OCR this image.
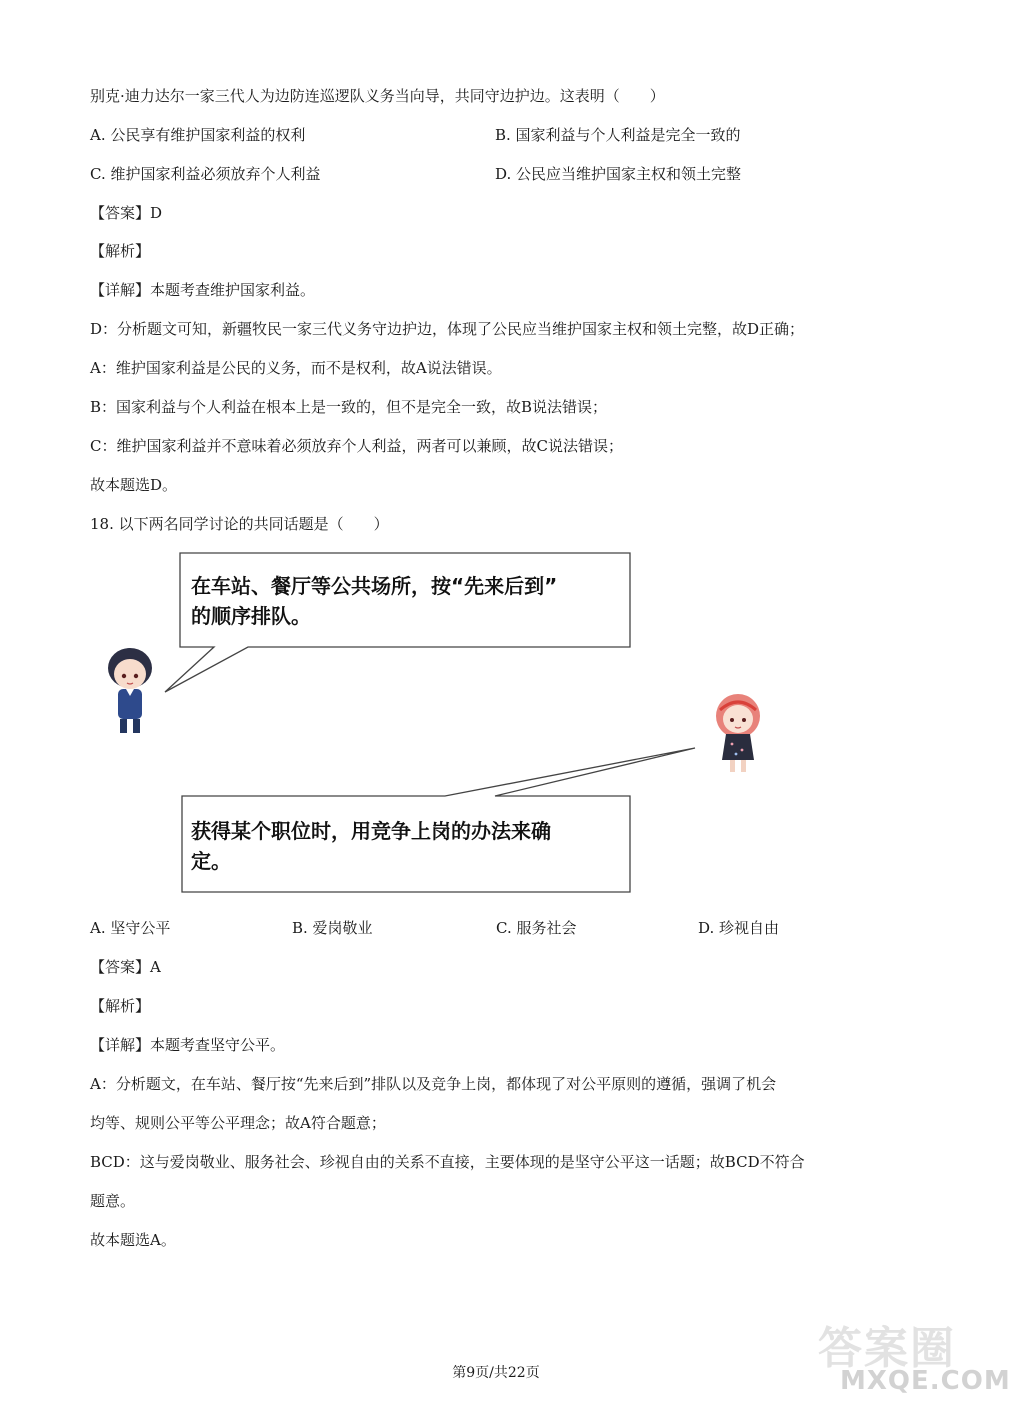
别克·迪力达尔一家三代人为边防连巡逻队义务当向导，共同守边护边。这表明（　　）
A. 公民享有维护国家利益的权利	B. 国家利益与个人利益是完全一致的
C. 维护国家利益必须放弃个人利益	D. 公民应当维护国家主权和领土完整
【答案】D
【解析】
【详解】本题考查维护国家利益。
D：分析题文可知，新疆牧民一家三代义务守边护边，体现了公民应当维护国家主权和领土完整，故D正确；
A：维护国家利益是公民的义务，而不是权利，故A说法错误。
B：国家利益与个人利益在根本上是一致的，但不是完全一致，故B说法错误；
C：维护国家利益并不意味着必须放弃个人利益，两者可以兼顾，故C说法错误；
故本题选D。
18. 以下两名同学讨论的共同话题是（　　）
在车站、餐厅等公共场所，按“先来后到”
的顺序排队。
获得某个职位时，用竞争上岗的办法来确
定。
A. 坚守公平	B. 爱岗敬业	C. 服务社会	D. 珍视自由
【答案】A
【解析】
【详解】本题考查坚守公平。
A：分析题文，在车站、餐厅按“先来后到”排队以及竞争上岗，都体现了对公平原则的遵循，强调了机会
均等、规则公平等公平理念；故A符合题意；
BCD：这与爱岗敬业、服务社会、珍视自由的关系不直接，主要体现的是坚守公平这一话题；故BCD不符合
题意。
故本题选A。
答案圈
MXQE.COM
第9页/共22页
